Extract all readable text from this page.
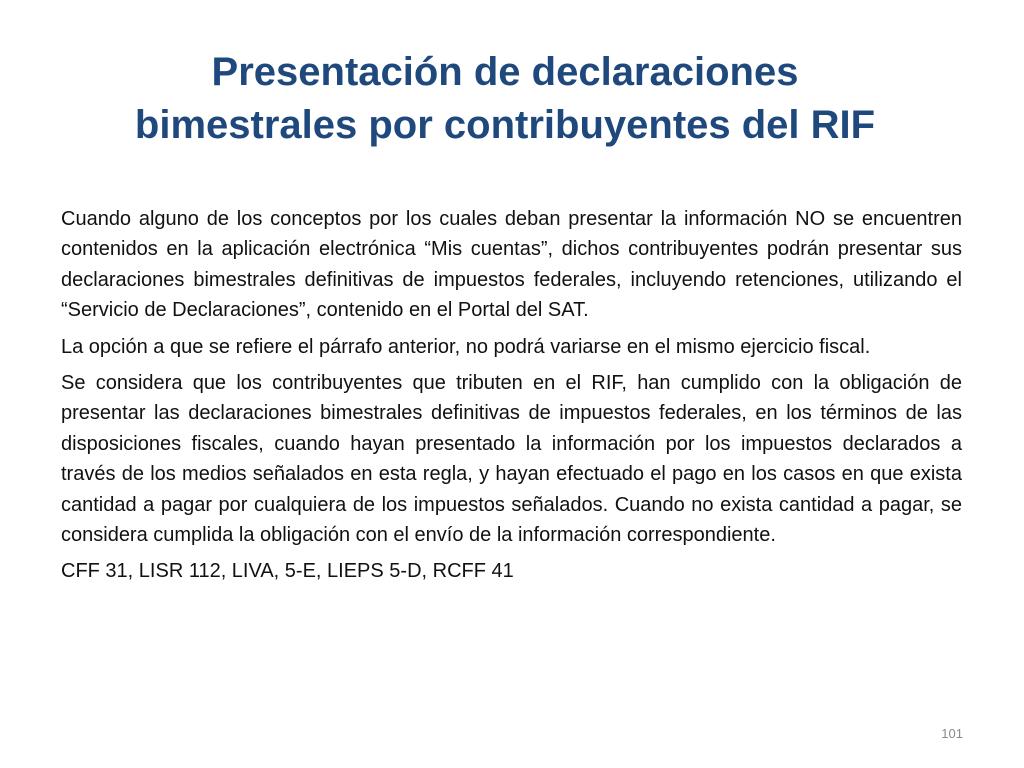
Presentación de declaraciones
bimestrales por contribuyentes del RIF

Cuando alguno de los conceptos por los cuales deban presentar la información NO se encuentren contenidos en la aplicación electrónica “Mis cuentas”, dichos contribuyentes podrán presentar sus declaraciones bimestrales definitivas de impuestos federales, incluyendo retenciones, utilizando el “Servicio de Declaraciones”, contenido en el Portal del SAT.

La opción a que se refiere el párrafo anterior, no podrá variarse en el mismo ejercicio fiscal.

Se considera que los contribuyentes que tributen en el RIF, han cumplido con la obligación de presentar las declaraciones bimestrales definitivas de impuestos federales, en los términos de las disposiciones fiscales, cuando hayan presentado la información por los impuestos declarados a través de los medios señalados en esta regla, y hayan efectuado el pago en los casos en que exista cantidad a pagar por cualquiera de los impuestos señalados. Cuando no exista cantidad a pagar, se considera cumplida la obligación con el envío de la información correspondiente.

CFF 31, LISR 112, LIVA, 5-E, LIEPS 5-D, RCFF 41

101
